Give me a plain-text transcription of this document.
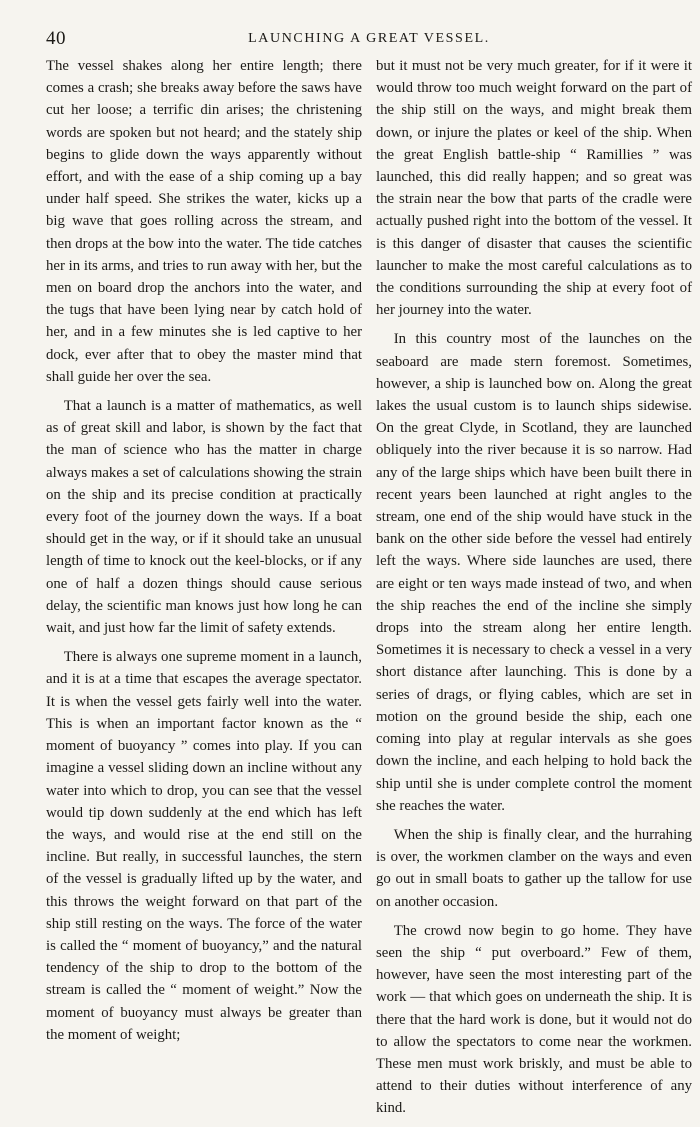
40	LAUNCHING A GREAT VESSEL.

The vessel shakes along her entire length; there comes a crash; she breaks away before the saws have cut her loose; a terrific din arises; the christening words are spoken but not heard; and the stately ship begins to glide down the ways apparently without effort, and with the ease of a ship coming up a bay under half speed. She strikes the water, kicks up a big wave that goes rolling across the stream, and then drops at the bow into the water. The tide catches her in its arms, and tries to run away with her, but the men on board drop the anchors into the water, and the tugs that have been lying near by catch hold of her, and in a few minutes she is led captive to her dock, ever after that to obey the master mind that shall guide her over the sea.

That a launch is a matter of mathematics, as well as of great skill and labor, is shown by the fact that the man of science who has the matter in charge always makes a set of calculations showing the strain on the ship and its precise condition at practically every foot of the journey down the ways. If a boat should get in the way, or if it should take an unusual length of time to knock out the keel-blocks, or if any one of half a dozen things should cause serious delay, the scientific man knows just how long he can wait, and just how far the limit of safety extends.

There is always one supreme moment in a launch, and it is at a time that escapes the average spectator. It is when the vessel gets fairly well into the water. This is when an important factor known as the “ moment of buoyancy ” comes into play. If you can imagine a vessel sliding down an incline without any water into which to drop, you can see that the vessel would tip down suddenly at the end which has left the ways, and would rise at the end still on the incline. But really, in successful launches, the stern of the vessel is gradually lifted up by the water, and this throws the weight forward on that part of the ship still resting on the ways. The force of the water is called the “ moment of buoyancy,” and the natural tendency of the ship to drop to the bottom of the stream is called the “ moment of weight.” Now the moment of buoyancy must always be greater than the moment of weight;

but it must not be very much greater, for if it were it would throw too much weight forward on the part of the ship still on the ways, and might break them down, or injure the plates or keel of the ship. When the great English battle-ship “ Ramillies ” was launched, this did really happen; and so great was the strain near the bow that parts of the cradle were actually pushed right into the bottom of the vessel. It is this danger of disaster that causes the scientific launcher to make the most careful calculations as to the conditions surrounding the ship at every foot of her journey into the water.

In this country most of the launches on the seaboard are made stern foremost. Sometimes, however, a ship is launched bow on. Along the great lakes the usual custom is to launch ships sidewise. On the great Clyde, in Scotland, they are launched obliquely into the river because it is so narrow. Had any of the large ships which have been built there in recent years been launched at right angles to the stream, one end of the ship would have stuck in the bank on the other side before the vessel had entirely left the ways. Where side launches are used, there are eight or ten ways made instead of two, and when the ship reaches the end of the incline she simply drops into the stream along her entire length. Sometimes it is necessary to check a vessel in a very short distance after launching. This is done by a series of drags, or flying cables, which are set in motion on the ground beside the ship, each one coming into play at regular intervals as she goes down the incline, and each helping to hold back the ship until she is under complete control the moment she reaches the water.

When the ship is finally clear, and the hurrahing is over, the workmen clamber on the ways and even go out in small boats to gather up the tallow for use on another occasion.

The crowd now begin to go home. They have seen the ship “ put overboard.” Few of them, however, have seen the most interesting part of the work — that which goes on underneath the ship. It is there that the hard work is done, but it would not do to allow the spectators to come near the workmen. These men must work briskly, and must be able to attend to their duties without interference of any kind.
